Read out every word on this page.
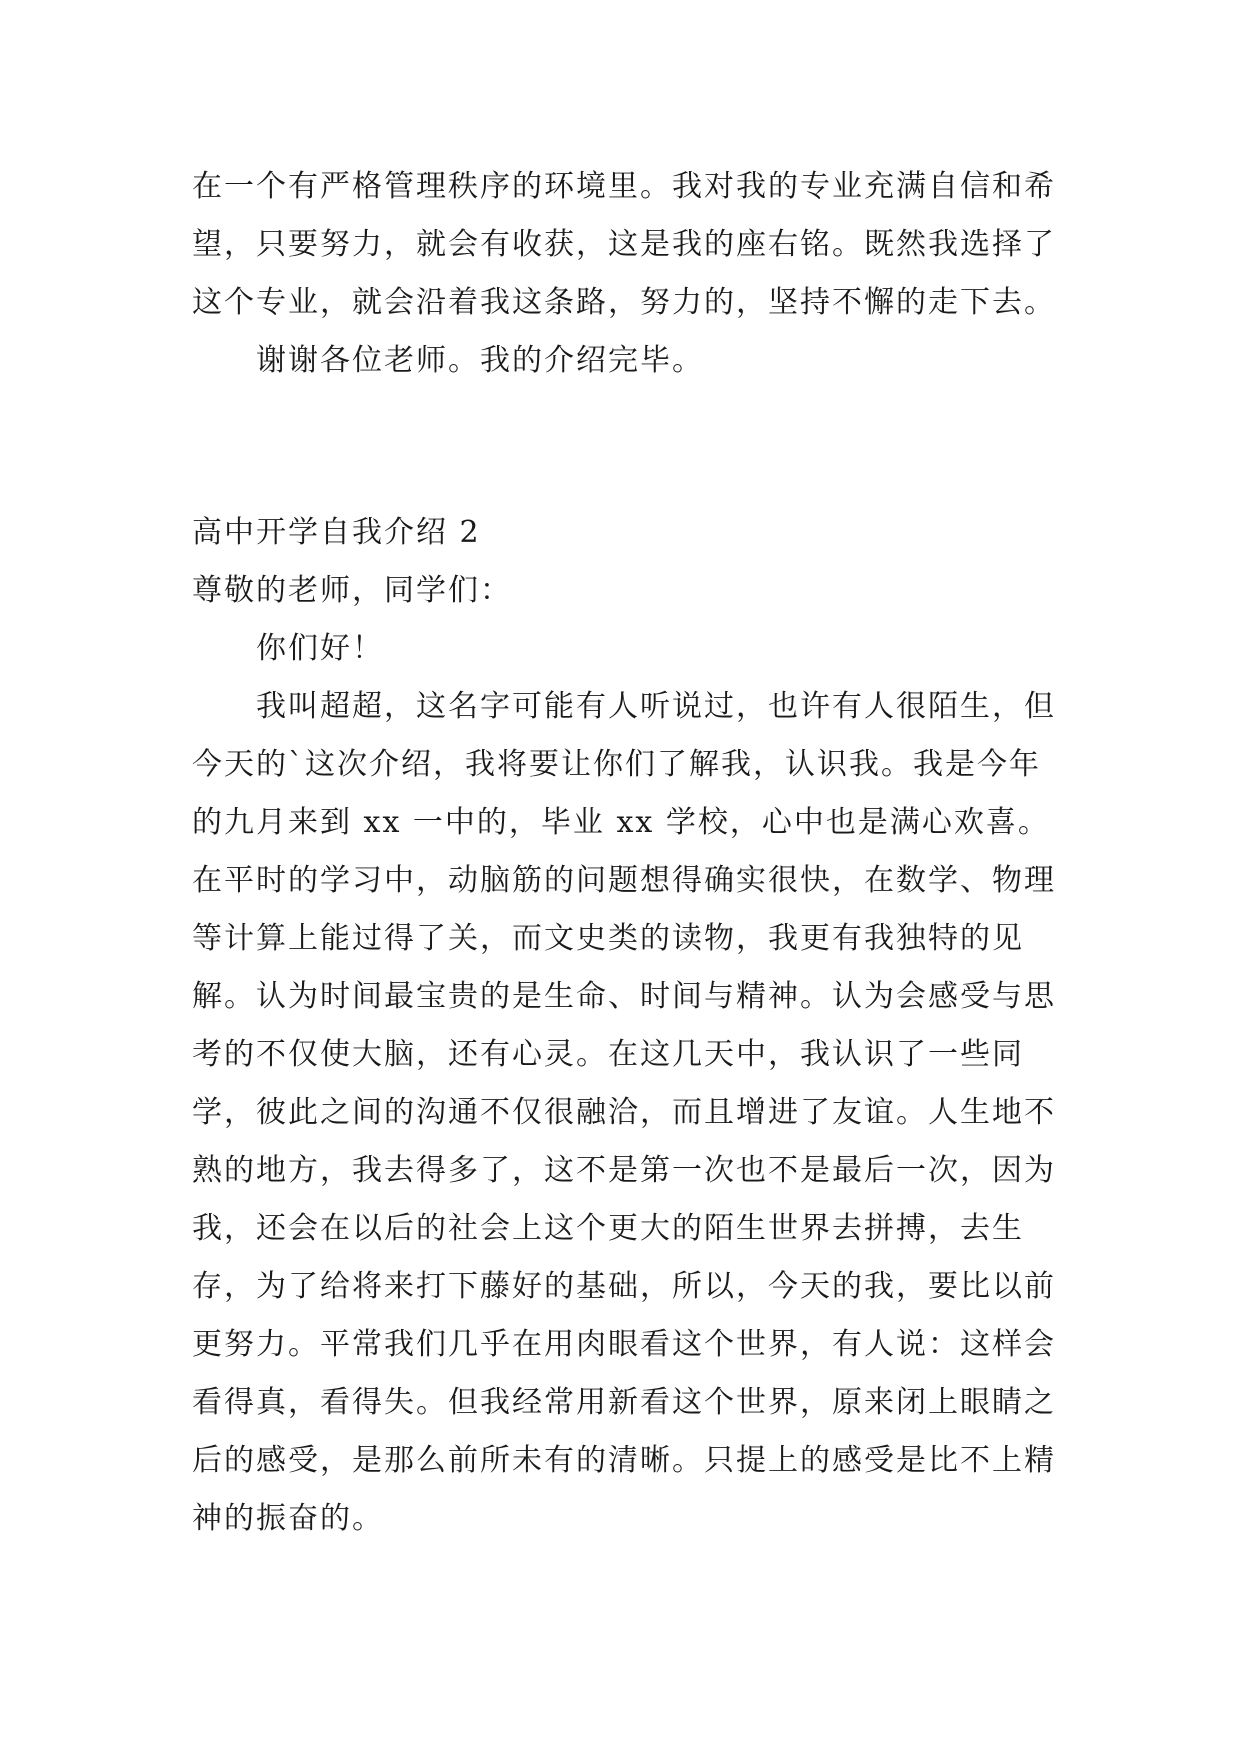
在一个有严格管理秩序的环境里。我对我的专业充满自信和希望，只要努力，就会有收获，这是我的座右铭。既然我选择了这个专业，就会沿着我这条路，努力的，坚持不懈的走下去。

谢谢各位老师。我的介绍完毕。

高中开学自我介绍 2

尊敬的老师，同学们：

你们好！

我叫超超，这名字可能有人听说过，也许有人很陌生，但今天的`这次介绍，我将要让你们了解我，认识我。我是今年的九月来到 xx 一中的，毕业 xx 学校，心中也是满心欢喜。在平时的学习中，动脑筋的问题想得确实很快，在数学、物理等计算上能过得了关，而文史类的读物，我更有我独特的见解。认为时间最宝贵的是生命、时间与精神。认为会感受与思考的不仅使大脑，还有心灵。在这几天中，我认识了一些同学，彼此之间的沟通不仅很融洽，而且增进了友谊。人生地不熟的地方，我去得多了，这不是第一次也不是最后一次，因为我，还会在以后的社会上这个更大的陌生世界去拼搏，去生存，为了给将来打下藤好的基础，所以，今天的我，要比以前更努力。平常我们几乎在用肉眼看这个世界，有人说：这样会看得真，看得失。但我经常用新看这个世界，原来闭上眼睛之后的感受，是那么前所未有的清晰。只提上的感受是比不上精神的振奋的。
